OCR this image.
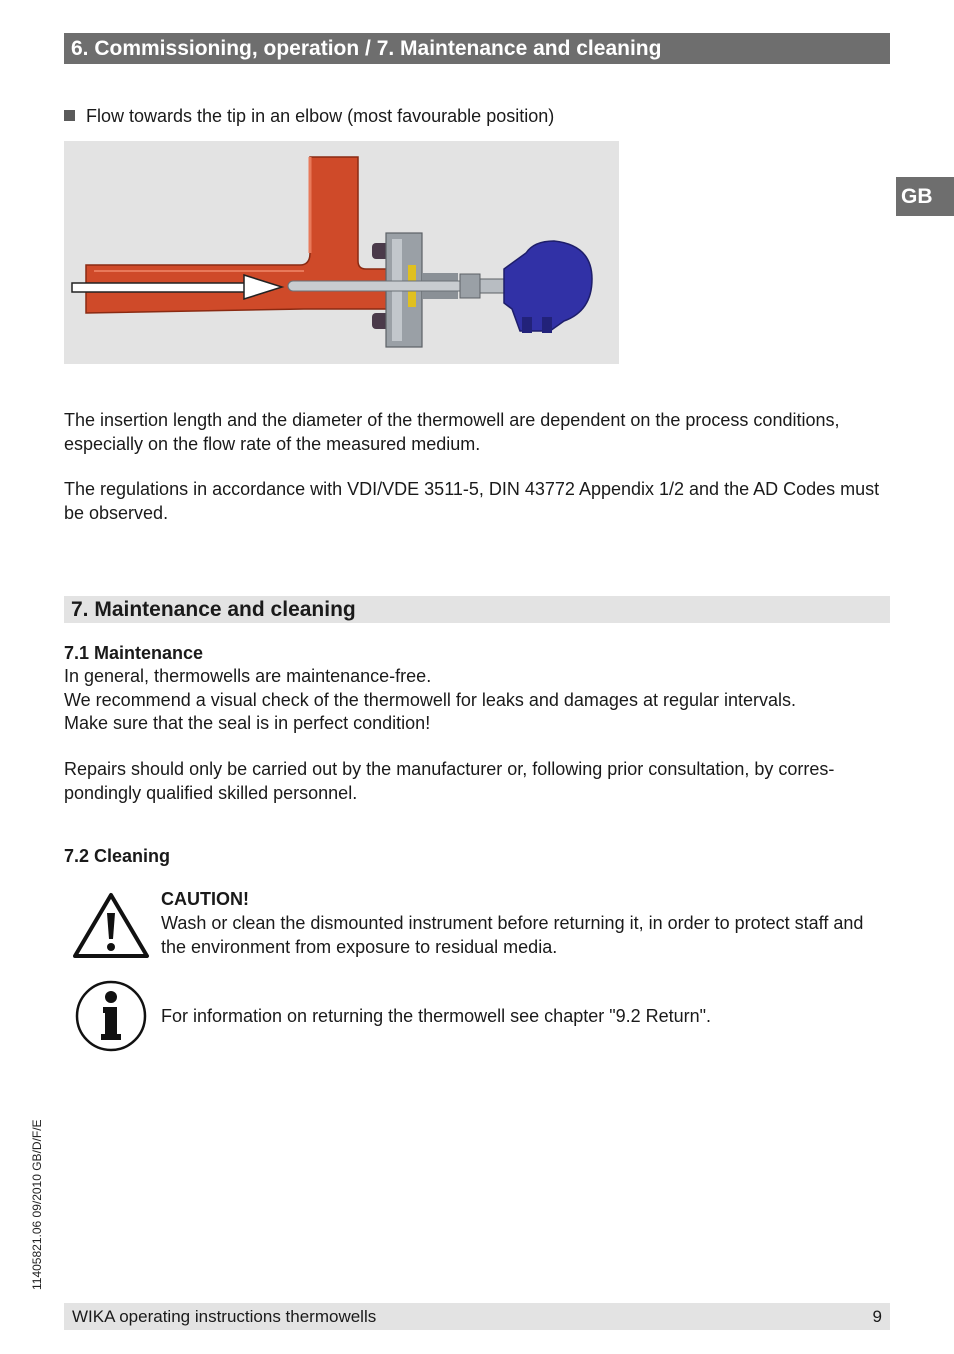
6. Commissioning, operation / 7. Maintenance and cleaning
GB
Flow towards the tip in an elbow (most favourable position)
The insertion length and the diameter of the thermowell are dependent on the process conditions, especially on the flow rate of the measured medium.
The regulations in accordance with VDI/VDE 3511-5, DIN 43772 Appendix 1/2 and the AD Codes must be observed.
7. Maintenance and cleaning
7.1 Maintenance
In general, thermowells are maintenance-free.
We recommend a visual check of the thermowell for leaks and damages at regular intervals.
Make sure that the seal is in perfect condition!
Repairs should only be carried out by the manufacturer or, following prior consultation, by corres-pondingly qualified skilled personnel.
7.2 Cleaning
CAUTION!
Wash or clean the dismounted instrument before returning it, in order to protect staff and the environment from exposure to residual media.
For information on returning the thermowell see chapter "9.2 Return".
11405821.06 09/2010 GB/D/F/E
WIKA operating instructions thermowells	9
